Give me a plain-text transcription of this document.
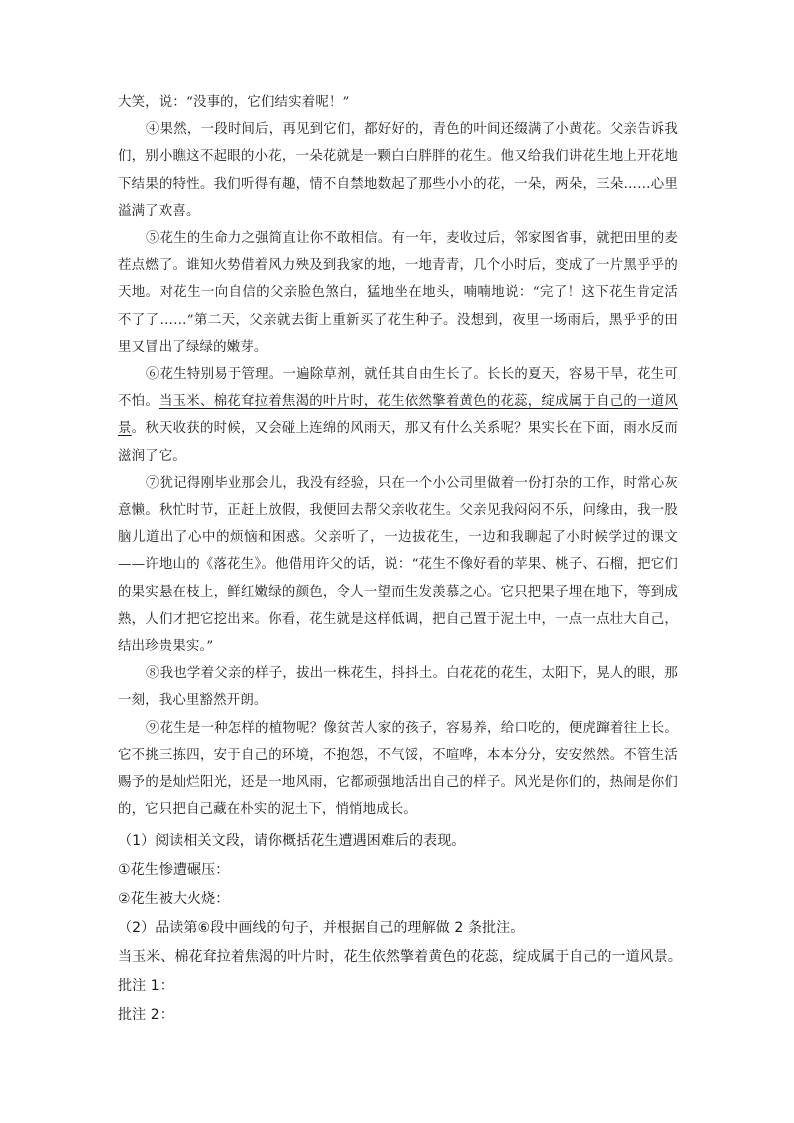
大笑，说：“没事的，它们结实着呢！”

④果然，一段时间后，再见到它们，都好好的，青色的叶间还缀满了小黄花。父亲告诉我们，别小瞧这不起眼的小花，一朵花就是一颗白白胖胖的花生。他又给我们讲花生地上开花地下结果的特性。我们听得有趣，情不自禁地数起了那些小小的花，一朵，两朵，三朵……心里溢满了欢喜。

⑤花生的生命力之强简直让你不敢相信。有一年，麦收过后，邻家图省事，就把田里的麦茬点燃了。谁知火势借着风力殃及到我家的地，一地青青，几个小时后，变成了一片黑乎乎的天地。对花生一向自信的父亲脸色煞白，猛地坐在地头，喃喃地说：“完了！这下花生肯定活不了了……”第二天，父亲就去街上重新买了花生种子。没想到，夜里一场雨后，黑乎乎的田里又冒出了绿绿的嫩芽。

⑥花生特别易于管理。一遍除草剂，就任其自由生长了。长长的夏天，容易干旱，花生可不怕。当玉米、棉花耷拉着焦渴的叶片时，花生依然擎着黄色的花蕊，绽成属于自己的一道风景。秋天收获的时候，又会碰上连绵的风雨天，那又有什么关系呢？果实长在下面，雨水反而滋润了它。

⑦犹记得刚毕业那会儿，我没有经验，只在一个小公司里做着一份打杂的工作，时常心灰意懒。秋忙时节，正赶上放假，我便回去帮父亲收花生。父亲见我闷闷不乐，问缘由，我一股脑儿道出了心中的烦恼和困惑。父亲听了，一边拔花生，一边和我聊起了小时候学过的课文——许地山的《落花生》。他借用许父的话，说：“花生不像好看的苹果、桃子、石榴，把它们的果实悬在枝上，鲜红嫩绿的颜色，令人一望而生发羡慕之心。它只把果子埋在地下，等到成熟，人们才把它挖出来。你看，花生就是这样低调，把自己置于泥土中，一点一点壮大自己，结出珍贵果实。”

⑧我也学着父亲的样子，拔出一株花生，抖抖土。白花花的花生，太阳下，晃人的眼，那一刻，我心里豁然开朗。

⑨花生是一种怎样的植物呢？像贫苦人家的孩子，容易养，给口吃的，便虎蹿着往上长。它不挑三拣四，安于自己的环境，不抱怨，不气馁，不喧哗，本本分分，安安然然。不管生活赐予的是灿烂阳光，还是一地风雨，它都顽强地活出自己的样子。风光是你们的，热闹是你们的，它只把自己藏在朴实的泥土下，悄悄地成长。

（1）阅读相关文段，请你概括花生遭遇困难后的表现。

①花生惨遭碾压：

②花生被大火烧：

（2）品读第⑥段中画线的句子，并根据自己的理解做 2 条批注。

当玉米、棉花耷拉着焦渴的叶片时，花生依然擎着黄色的花蕊，绽成属于自己的一道风景。

批注 1：

批注 2：
